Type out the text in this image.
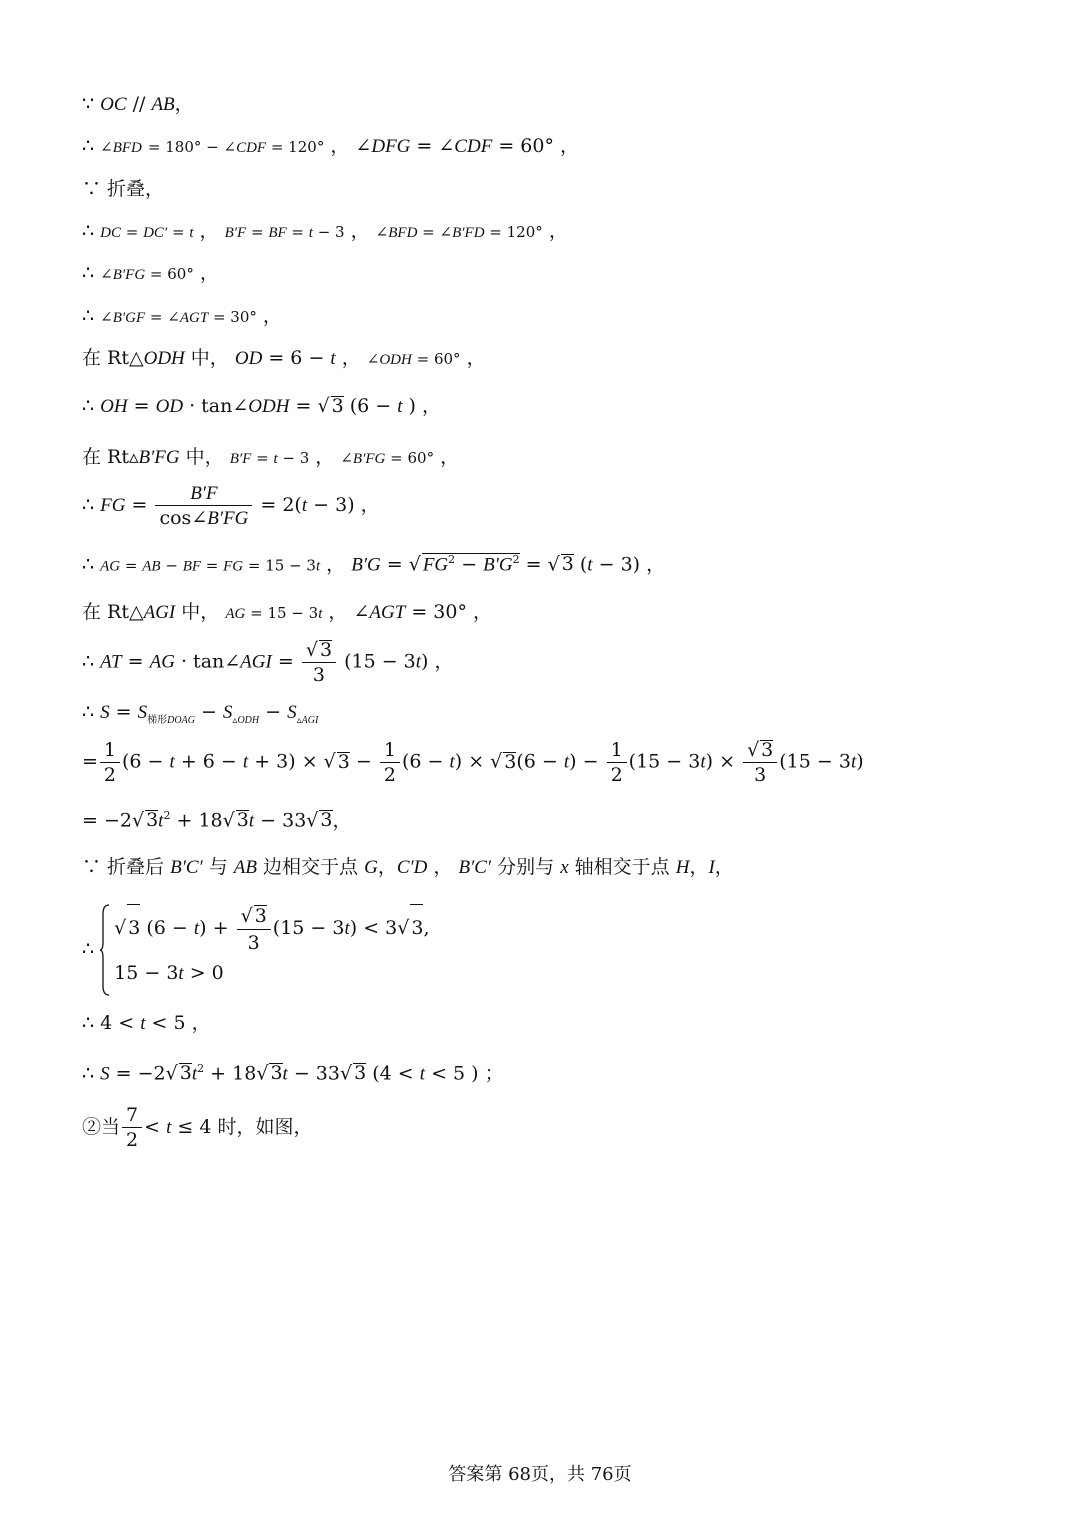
∵ OC // AB，
∴ ∠BFD = 180° − ∠CDF = 120° ， ∠DFG = ∠CDF = 60° ，
∵ 折叠，
∴ DC = DC′ = t ， B′F = BF = t − 3 ， ∠BFD = ∠B′FD = 120° ，
∴ ∠B′FG = 60° ，
∴ ∠B′GF = ∠AGT = 30° ，
在 Rt△ODH 中， OD = 6 − t ， ∠ODH = 60° ，
∴ OH = OD · tan∠ODH = √ 3 (6 − t ) ，
在 Rt▵B′FG 中， B′F = t − 3 ， ∠B′FG = 60° ，
∴ FG = $\frac{B'F}{\cos\angle B'FG} = 2(t - 3)$ ，
∴ AG = AB − BF = FG = 15 − 3t ， B′G = √ $FG^2 - B'G^2$ = √ 3 (t − 3) ，
在 Rt△AGI 中， AG = 15 − 3t ， ∠AGT = 30° ，
∴ AT = AG · tan∠AGI = $\frac{√ 3}{3} (15 - 3t)$ ，
∴ $S = S_{梯形DOAG} - S_{▵ODH} - S_{▵AGI}$
= $\frac{1}{2} (6 - t + 6 - t + 3)$ × √ $3 - \frac{1}{2} (6 - t)$ × √ $3(6 - t) - \frac{1}{2} (15 - 3t) \times \frac{√ 3}{3} (15 - 3t)$
= −2√ $3t^2 + 18√$ 3t − 33√ 3，
∵ 折叠后 B′C′ 与 AB 边相交于点 G，C′D ， B′C′ 分别与 x 轴相交于点 H，I，
∴
√ 3 $(6 - t) + \frac{√ 3}{3} (15 - 3t) < 3√$ 3,
15 − 3t > 0
∴ 4 < t < 5 ，
∴ S = −2√ $3t^2 + 18√$ 3t − 33√ 3 (4 < t < 5 ) ；
②当 $\frac{7}{2} < t \le 4$ 时，如图，
答案第 68页，共 76页
